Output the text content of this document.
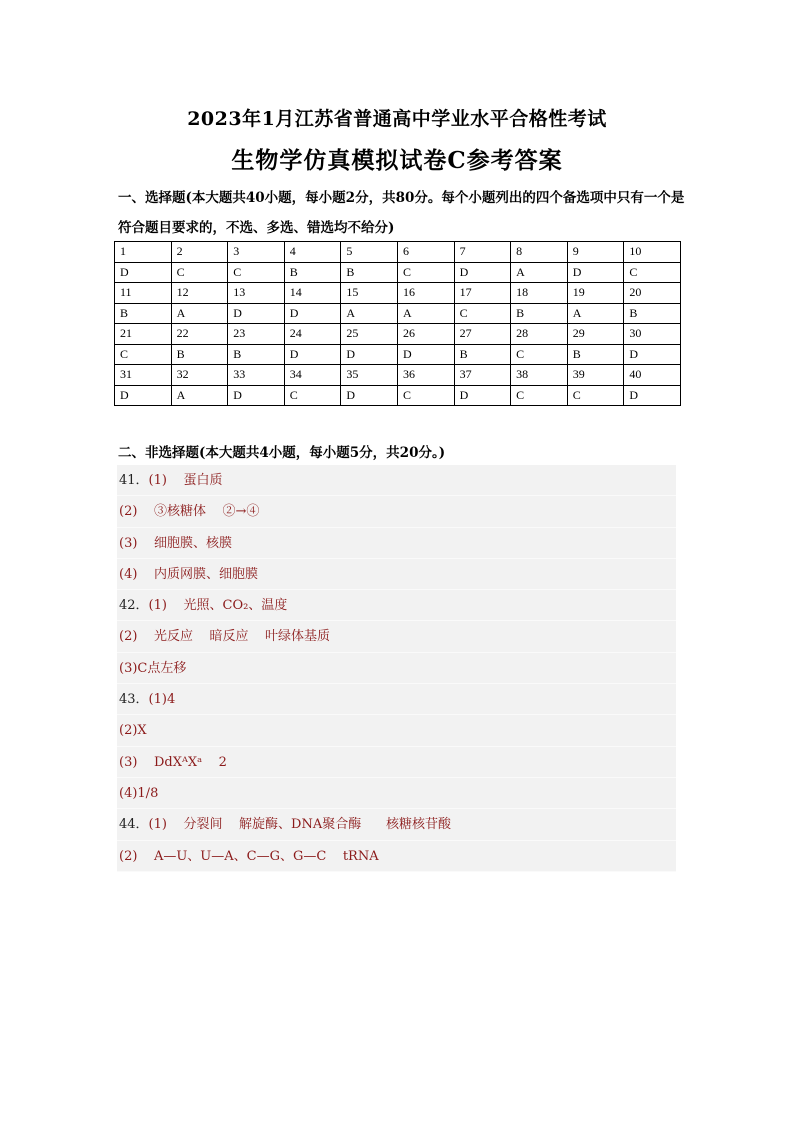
2023年1月江苏省普通高中学业水平合格性考试
生物学仿真模拟试卷C参考答案
一、选择题(本大题共40小题，每小题2分，共80分。每个小题列出的四个备选项中只有一个是符合题目要求的，不选、多选、错选均不给分)
1	2	3	4	5	6	7	8	9	10
D	C	C	B	B	C	D	A	D	C
11	12	13	14	15	16	17	18	19	20
B	A	D	D	A	A	C	B	A	B
21	22	23	24	25	26	27	28	29	30
C	B	B	D	D	D	B	C	B	D
31	32	33	34	35	36	37	38	39	40
D	A	D	C	D	C	D	C	C	D
二、非选择题(本大题共4小题，每小题5分，共20分。)
41．(1)    蛋白质
(2)    ③核糖体    ②→④
(3)    细胞膜、核膜
(4)    内质网膜、细胞膜
42．(1)    光照、CO₂、温度
(2)    光反应    暗反应    叶绿体基质
(3)C点左移
43．(1)4
(2)X
(3)    DdXᴬXᵃ    2
(4)1/8
44．(1)    分裂间    解旋酶、DNA聚合酶      核糖核苷酸
(2)    A—U、U—A、C—G、G—C    tRNA
